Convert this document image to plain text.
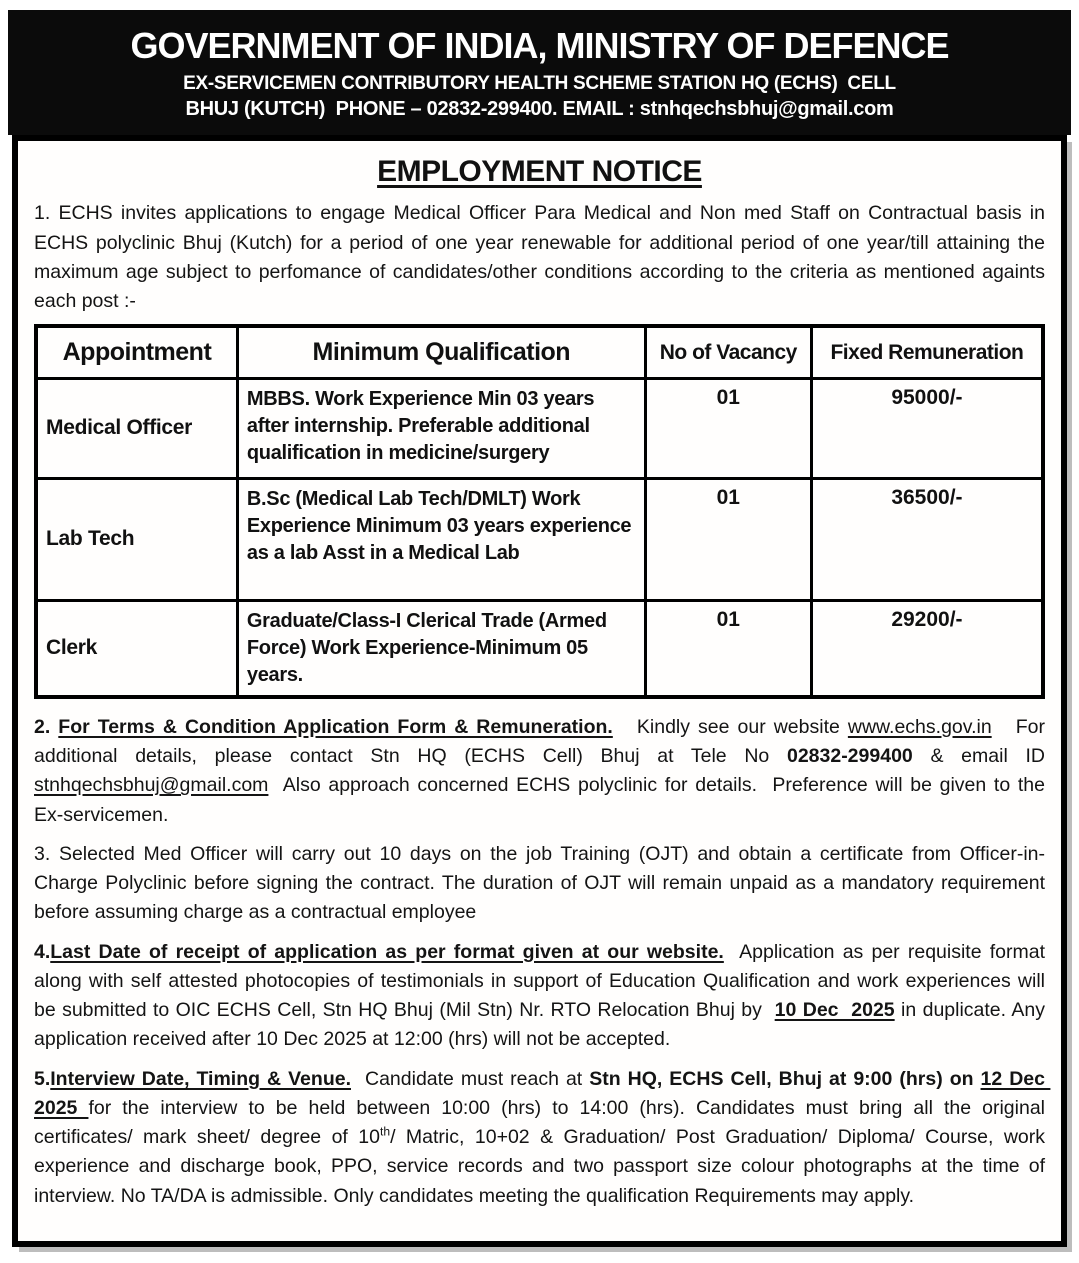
GOVERNMENT OF INDIA, MINISTRY OF DEFENCE
EX-SERVICEMEN CONTRIBUTORY HEALTH SCHEME STATION HQ (ECHS)  CELL
BHUJ (KUTCH)  PHONE – 02832-299400. EMAIL : stnhqechsbhuj@gmail.com
EMPLOYMENT NOTICE

1. ECHS invites applications to engage Medical Officer Para Medical and Non med Staff on Contractual basis in ECHS polyclinic Bhuj (Kutch) for a period of one year renewable for additional period of one year/till attaining the maximum age subject to perfomance of candidates/other conditions according to the criteria as mentioned againts each post :-

Appointment	Minimum Qualification	No of Vacancy	Fixed Remuneration
Medical Officer	MBBS. Work Experience Min 03 years after internship. Preferable additional qualification in medicine/surgery	01	95000/-
Lab Tech	B.Sc (Medical Lab Tech/DMLT) Work Experience Minimum 03 years experience as a lab Asst in a Medical Lab	01	36500/-
Clerk	Graduate/Class-I Clerical Trade (Armed Force) Work Experience-Minimum 05 years.	01	29200/-

2. For Terms & Condition Application Form & Remuneration.   Kindly see our website www.echs.gov.in   For additional details, please contact Stn HQ (ECHS Cell) Bhuj at Tele No 02832-299400 & email ID stnhqechsbhuj@gmail.com  Also approach concerned ECHS polyclinic for details.  Preference will be given to the Ex-servicemen.

3. Selected Med Officer will carry out 10 days on the job Training (OJT) and obtain a certificate from Officer-in-Charge Polyclinic before signing the contract. The duration of OJT will remain unpaid as a mandatory requirement before assuming charge as a contractual employee

4.Last Date of receipt of application as per format given at our website.  Application as per requisite format along with self attested photocopies of testimonials in support of Education Qualification and work experiences will be submitted to OIC ECHS Cell, Stn HQ Bhuj (Mil Stn) Nr. RTO Relocation Bhuj by  10 Dec  2025 in duplicate. Any application received after 10 Dec 2025 at 12:00 (hrs) will not be accepted.

5.Interview Date, Timing & Venue.  Candidate must reach at Stn HQ, ECHS Cell, Bhuj at 9:00 (hrs) on 12 Dec 2025 for the interview to be held between 10:00 (hrs) to 14:00 (hrs). Candidates must bring all the original certificates/ mark sheet/ degree of 10th/ Matric, 10+02 & Graduation/ Post Graduation/ Diploma/ Course, work experience and discharge book, PPO, service records and two passport size colour photographs at the time of interview. No TA/DA is admissible. Only candidates meeting the qualification Requirements may apply.
